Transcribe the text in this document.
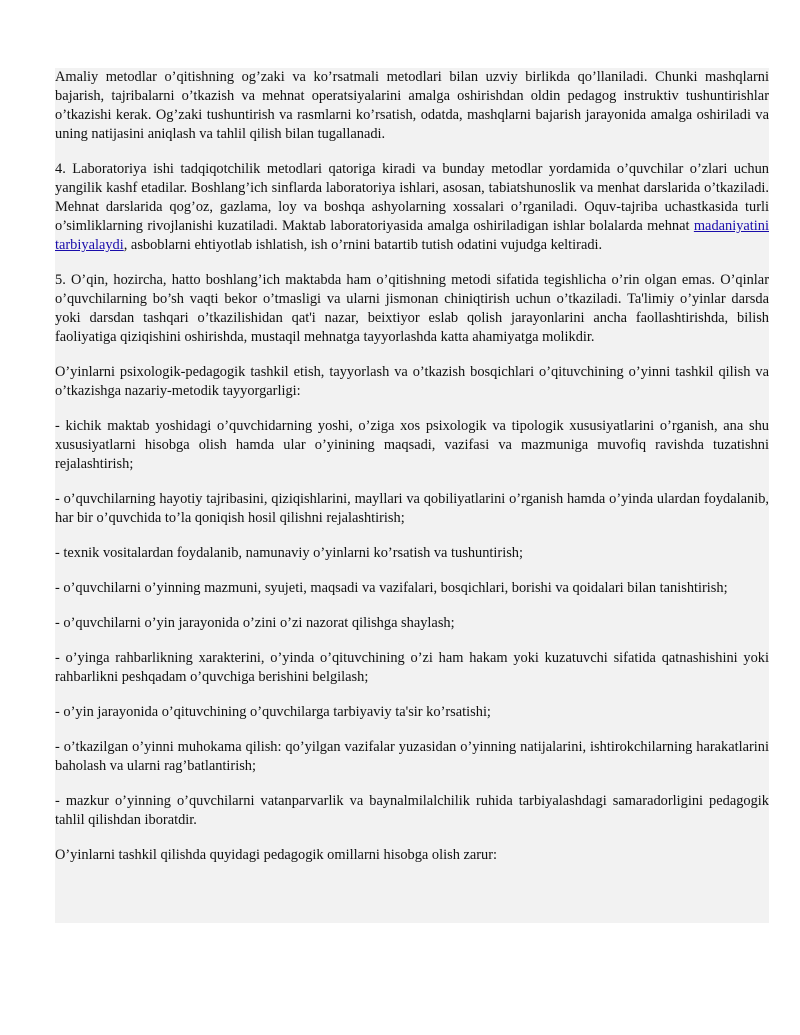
Amaliy metodlar o’qitishning og’zaki va ko’rsatmali metodlari bilan uzviy birlikda qo’llaniladi. Chunki mashqlarni bajarish, tajribalarni o’tkazish va mehnat operatsiyalarini amalga oshirishdan oldin pedagog instruktiv tushuntirishlar o’tkazishi kerak. Og’zaki tushuntirish va rasmlarni ko’rsatish, odatda, mashqlarni bajarish jarayonida amalga oshiriladi va uning natijasini aniqlash va tahlil qilish bilan tugallanadi.

4. Laboratoriya ishi tadqiqotchilik metodlari qatoriga kiradi va bunday metodlar yordamida o’quvchilar o’zlari uchun yangilik kashf etadilar. Boshlang’ich sinflarda laboratoriya ishlari, asosan, tabiatshunoslik va menhat darslarida o’tkaziladi. Mehnat darslarida qog’oz, gazlama, loy va boshqa ashyolarning xossalari o’rganiladi. Oquv-tajriba uchastkasida turli o’simliklarning rivojlanishi kuzatiladi. Maktab laboratoriyasida amalga oshiriladigan ishlar bolalarda mehnat madaniyatini tarbiyalaydi, asboblarni ehtiyotlab ishlatish, ish o’rnini batartib tutish odatini vujudga keltiradi.

5. O’qin, hozircha, hatto boshlang’ich maktabda ham o’qitishning metodi sifatida tegishlicha o’rin olgan emas. O’qinlar o’quvchilarning bo’sh vaqti bekor o’tmasligi va ularni jismonan chiniqtirish uchun o’tkaziladi. Ta'limiy o’yinlar darsda yoki darsdan tashqari o’tkazilishidan qat'i nazar, beixtiyor eslab qolish jarayonlarini ancha faollashtirishda, bilish faoliyatiga qiziqishini oshirishda, mustaqil mehnatga tayyorlashda katta ahamiyatga molikdir.

O’yinlarni psixologik-pedagogik tashkil etish, tayyorlash va o’tkazish bosqichlari o’qituvchining o’yinni tashkil qilish va o’tkazishga nazariy-metodik tayyorgarligi:

- kichik maktab yoshidagi o’quvchidarning yoshi, o’ziga xos psixologik va tipologik xususiyatlarini o’rganish, ana shu xususiyatlarni hisobga olish hamda ular o’yinining maqsadi, vazifasi va mazmuniga muvofiq ravishda tuzatishni rejalashtirish;

- o’quvchilarning hayotiy tajribasini, qiziqishlarini, mayllari va qobiliyatlarini o’rganish hamda o’yinda ulardan foydalanib, har bir o’quvchida to’la qoniqish hosil qilishni rejalashtirish;

- texnik vositalardan foydalanib, namunaviy o’yinlarni ko’rsatish va tushuntirish;

- o’quvchilarni o’yinning mazmuni, syujeti, maqsadi va vazifalari, bosqichlari, borishi va qoidalari bilan tanishtirish;

- o’quvchilarni o’yin jarayonida o’zini o’zi nazorat qilishga shaylash;

- o’yinga rahbarlikning xarakterini, o’yinda o’qituvchining o’zi ham hakam yoki kuzatuvchi sifatida qatnashishini yoki rahbarlikni peshqadam o’quvchiga berishini belgilash;

- o’yin jarayonida o’qituvchining o’quvchilarga tarbiyaviy ta'sir ko’rsatishi;

- o’tkazilgan o’yinni muhokama qilish: qo’yilgan vazifalar yuzasidan o’yinning natijalarini, ishtirokchilarning harakatlarini baholash va ularni rag’batlantirish;

- mazkur o’yinning o’quvchilarni vatanparvarlik va baynalmilalchilik ruhida tarbiyalashdagi samaradorligini pedagogik tahlil qilishdan iboratdir.

O’yinlarni tashkil qilishda quyidagi pedagogik omillarni hisobga olish zarur:
